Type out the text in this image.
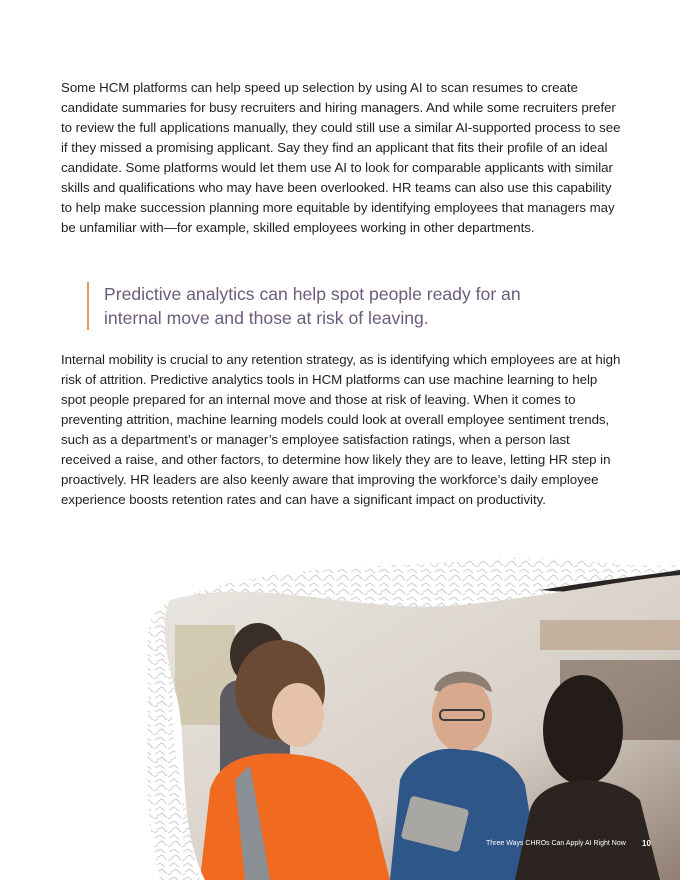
Some HCM platforms can help speed up selection by using AI to scan resumes to create candidate summaries for busy recruiters and hiring managers. And while some recruiters prefer to review the full applications manually, they could still use a similar AI-supported process to see if they missed a promising applicant. Say they find an applicant that fits their profile of an ideal candidate. Some platforms would let them use AI to look for comparable applicants with similar skills and qualifications who may have been overlooked. HR teams can also use this capability to help make succession planning more equitable by identifying employees that managers may be unfamiliar with—for example, skilled employees working in other departments.

Predictive analytics can help spot people ready for an internal move and those at risk of leaving.

Internal mobility is crucial to any retention strategy, as is identifying which employees are at high risk of attrition. Predictive analytics tools in HCM platforms can use machine learning to help spot people prepared for an internal move and those at risk of leaving. When it comes to preventing attrition, machine learning models could look at overall employee sentiment trends, such as a department’s or manager’s employee satisfaction ratings, when a person last received a raise, and other factors, to determine how likely they are to leave, letting HR step in proactively. HR leaders are also keenly aware that improving the workforce’s daily employee experience boosts retention rates and can have a significant impact on productivity.

Three Ways CHROs Can Apply AI Right Now 10
